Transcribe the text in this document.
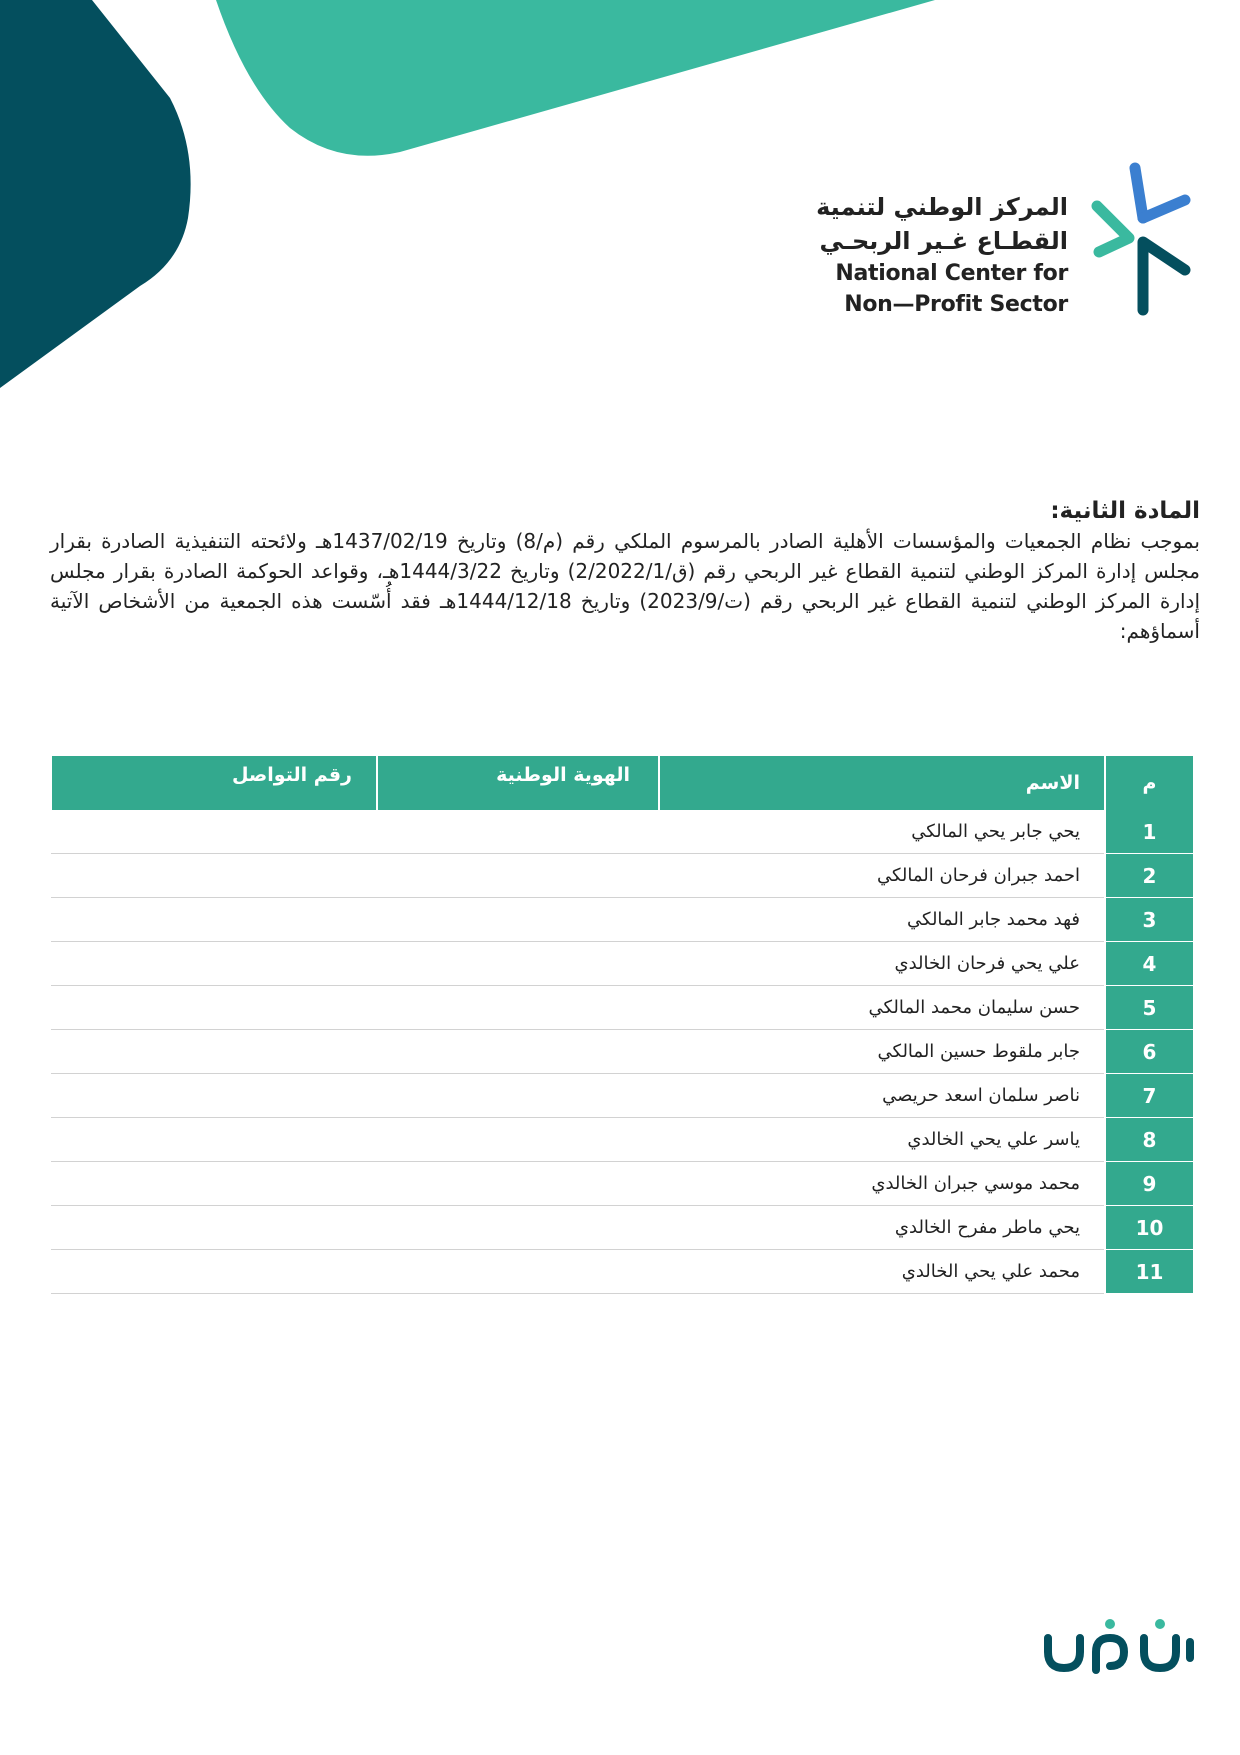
المركز الوطني لتنمية
القطـاع غـير الربحـي
National Center for
Non—Profit Sector
المادة الثانية:
بموجب نظام الجمعيات والمؤسسات الأهلية الصادر بالمرسوم الملكي رقم (م/8) وتاريخ 1437/02/19هـ ولائحته التنفيذية الصادرة بقرار مجلس إدارة المركز الوطني لتنمية القطاع غير الربحي رقم (ق/2/2022/1) وتاريخ 1444/3/22هـ، وقواعد الحوكمة الصادرة بقرار مجلس إدارة المركز الوطني لتنمية القطاع غير الربحي رقم (ت/2023/9) وتاريخ 1444/12/18هـ فقد أُسّست هذه الجمعية من الأشخاص الآتية أسماؤهم:
م	الاسم	الهوية الوطنية	رقم التواصل
1	يحي جابر يحي المالكي		
2	احمد جبران فرحان المالكي		
3	فهد محمد جابر المالكي		
4	علي يحي فرحان الخالدي		
5	حسن سليمان محمد المالكي		
6	جابر ملقوط حسين المالكي		
7	ناصر سلمان اسعد حريصي		
8	ياسر علي يحي الخالدي		
9	محمد موسي جبران الخالدي		
10	يحي ماطر مفرح الخالدي		
11	محمد علي يحي الخالدي		
